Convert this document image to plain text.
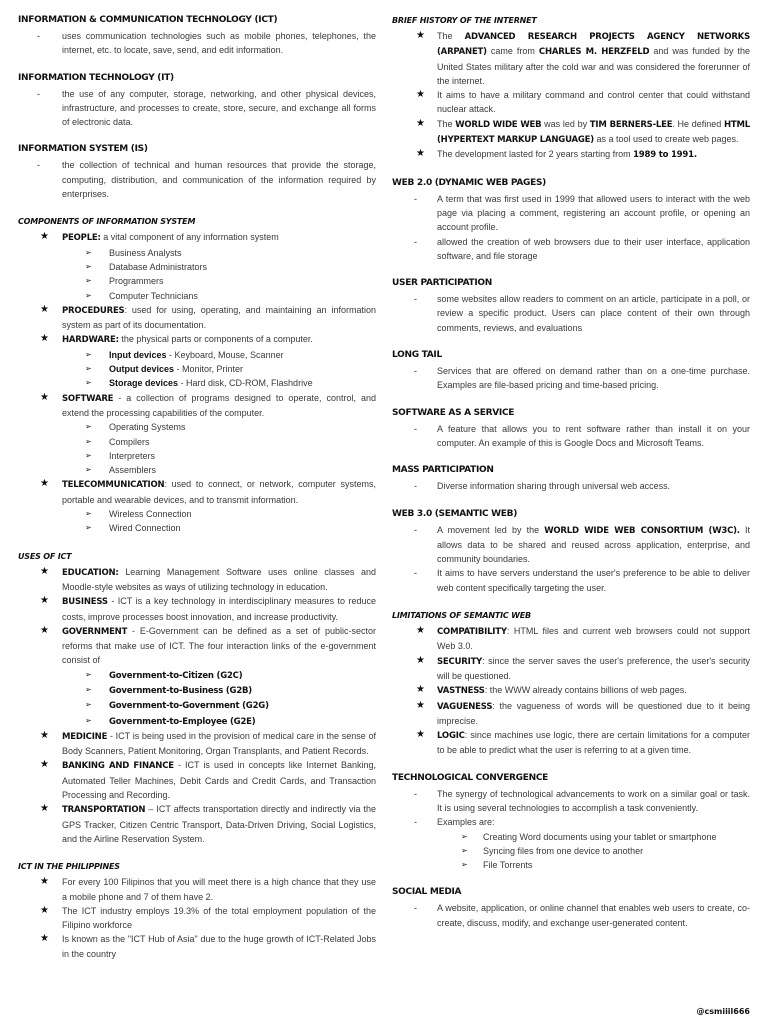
INFORMATION & COMMUNICATION TECHNOLOGY (ICT)
- uses communication technologies such as mobile phones, telephones, the internet, etc. to locate, save, send, and edit information.
INFORMATION TECHNOLOGY (IT)
- the use of any computer, storage, networking, and other physical devices, infrastructure, and processes to create, store, secure, and exchange all forms of electronic data.
INFORMATION SYSTEM (IS)
- the collection of technical and human resources that provide the storage, computing, distribution, and communication of the information required by enterprises.
COMPONENTS OF INFORMATION SYSTEM
★ PEOPLE: a vital component of any information system
➢ Business Analysts
➢ Database Administrators
➢ Programmers
➢ Computer Technicians
★ PROCEDURES: used for using, operating, and maintaining an information system as part of its documentation.
★ HARDWARE: the physical parts or components of a computer.
➢ Input devices - Keyboard, Mouse, Scanner
➢ Output devices - Monitor, Printer
➢ Storage devices - Hard disk, CD-ROM, Flashdrive
★ SOFTWARE - a collection of programs designed to operate, control, and extend the processing capabilities of the computer.
➢ Operating Systems
➢ Compilers
➢ Interpreters
➢ Assemblers
★ TELECOMMUNICATION: used to connect, or network, computer systems, portable and wearable devices, and to transmit information.
➢ Wireless Connection
➢ Wired Connection
USES OF ICT
★ EDUCATION: Learning Management Software uses online classes and Moodle-style websites as ways of utilizing technology in education.
★ BUSINESS - ICT is a key technology in interdisciplinary measures to reduce costs, improve processes boost innovation, and increase productivity.
★ GOVERNMENT - E-Government can be defined as a set of public-sector reforms that make use of ICT. The four interaction links of the e-government consist of
➢ Government-to-Citizen (G2C)
➢ Government-to-Business (G2B)
➢ Government-to-Government (G2G)
➢ Government-to-Employee (G2E)
★ MEDICINE - ICT is being used in the provision of medical care in the sense of Body Scanners, Patient Monitoring, Organ Transplants, and Patient Records.
★ BANKING AND FINANCE - ICT is used in concepts like Internet Banking, Automated Teller Machines, Debit Cards and Credit Cards, and Transaction Processing and Recording.
★ TRANSPORTATION – ICT affects transportation directly and indirectly via the GPS Tracker, Citizen Centric Transport, Data-Driven Driving, Social Logistics, and the Airline Reservation System.
ICT IN THE PHILIPPINES
★ For every 100 Filipinos that you will meet there is a high chance that they use a mobile phone and 7 of them have 2.
★ The ICT industry employs 19.3% of the total employment population of the Filipino workforce
★ Is known as the "ICT Hub of Asia" due to the huge growth of ICT-Related Jobs in the country
BRIEF HISTORY OF THE INTERNET
★ The ADVANCED RESEARCH PROJECTS AGENCY NETWORKS (ARPANET) came from CHARLES M. HERZFELD and was funded by the United States military after the cold war and was considered the forerunner of the internet.
★ It aims to have a military command and control center that could withstand nuclear attack.
★ The WORLD WIDE WEB was led by TIM BERNERS-LEE. He defined HTML (HYPERTEXT MARKUP LANGUAGE) as a tool used to create web pages.
★ The development lasted for 2 years starting from 1989 to 1991.
WEB 2.0 (DYNAMIC WEB PAGES)
- A term that was first used in 1999 that allowed users to interact with the web page via placing a comment, registering an account profile, or opening an account profile.
- allowed the creation of web browsers due to their user interface, application software, and file storage
USER PARTICIPATION
- some websites allow readers to comment on an article, participate in a poll, or review a specific product. Users can place content of their own through comments, reviews, and evaluations
LONG TAIL
- Services that are offered on demand rather than on a one-time purchase. Examples are file-based pricing and time-based pricing.
SOFTWARE AS A SERVICE
- A feature that allows you to rent software rather than install it on your computer. An example of this is Google Docs and Microsoft Teams.
MASS PARTICIPATION
- Diverse information sharing through universal web access.
WEB 3.0 (SEMANTIC WEB)
- A movement led by the WORLD WIDE WEB CONSORTIUM (W3C). It allows data to be shared and reused across application, enterprise, and community boundaries.
- It aims to have servers understand the user's preference to be able to deliver web content specifically targeting the user.
LIMITATIONS OF SEMANTIC WEB
★ COMPATIBILITY: HTML files and current web browsers could not support Web 3.0.
★ SECURITY: since the server saves the user's preference, the user's security will be questioned.
★ VASTNESS: the WWW already contains billions of web pages.
★ VAGUENESS: the vagueness of words will be questioned due to it being imprecise.
★ LOGIC: since machines use logic, there are certain limitations for a computer to be able to predict what the user is referring to at a given time.
TECHNOLOGICAL CONVERGENCE
- The synergy of technological advancements to work on a similar goal or task. It is using several technologies to accomplish a task conveniently.
- Examples are:
➢ Creating Word documents using your tablet or smartphone
➢ Syncing files from one device to another
➢ File Torrents
SOCIAL MEDIA
- A website, application, or online channel that enables web users to create, co-create, discuss, modify, and exchange user-generated content.
@csmiiil666
